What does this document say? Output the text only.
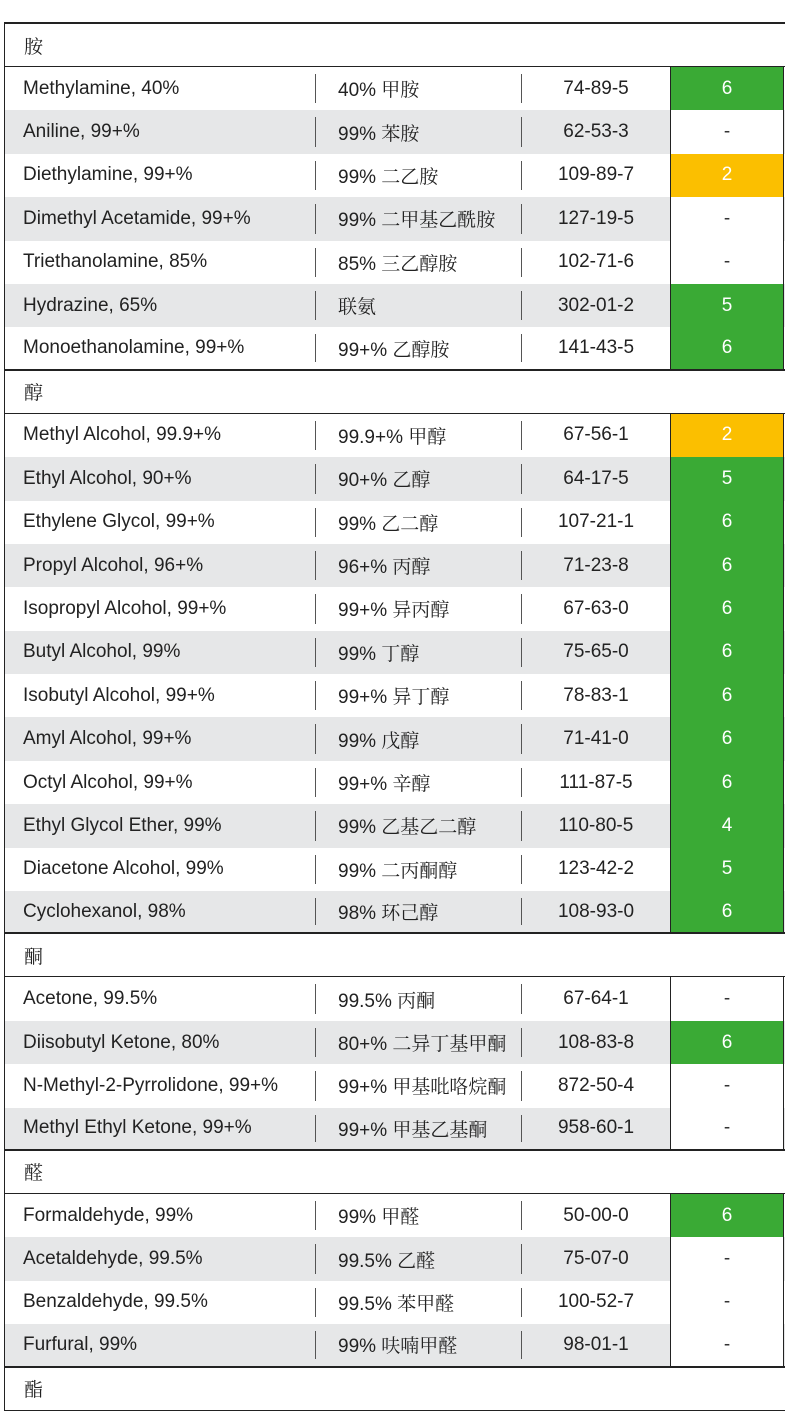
胺
Methylamine, 40%	40% 甲胺	74-89-5	6
Aniline, 99+%	99% 苯胺	62-53-3	-
Diethylamine, 99+%	99% 二乙胺	109-89-7	2
Dimethyl Acetamide, 99+%	99% 二甲基乙酰胺	127-19-5	-
Triethanolamine, 85%	85% 三乙醇胺	102-71-6	-
Hydrazine, 65%	联氨	302-01-2	5
Monoethanolamine, 99+%	99+% 乙醇胺	141-43-5	6
醇
Methyl Alcohol, 99.9+%	99.9+% 甲醇	67-56-1	2
Ethyl Alcohol, 90+%	90+% 乙醇	64-17-5	5
Ethylene Glycol, 99+%	99% 乙二醇	107-21-1	6
Propyl Alcohol, 96+%	96+% 丙醇	71-23-8	6
Isopropyl Alcohol, 99+%	99+% 异丙醇	67-63-0	6
Butyl Alcohol, 99%	99% 丁醇	75-65-0	6
Isobutyl Alcohol, 99+%	99+% 异丁醇	78-83-1	6
Amyl Alcohol, 99+%	99% 戊醇	71-41-0	6
Octyl Alcohol, 99+%	99+% 辛醇	111-87-5	6
Ethyl Glycol Ether, 99%	99% 乙基乙二醇	110-80-5	4
Diacetone Alcohol, 99%	99% 二丙酮醇	123-42-2	5
Cyclohexanol, 98%	98% 环己醇	108-93-0	6
酮
Acetone, 99.5%	99.5% 丙酮	67-64-1	-
Diisobutyl Ketone, 80%	80+% 二异丁基甲酮	108-83-8	6
N-Methyl-2-Pyrrolidone, 99+%	99+% 甲基吡咯烷酮	872-50-4	-
Methyl Ethyl Ketone, 99+%	99+% 甲基乙基酮	958-60-1	-
醛
Formaldehyde, 99%	99% 甲醛	50-00-0	6
Acetaldehyde, 99.5%	99.5% 乙醛	75-07-0	-
Benzaldehyde, 99.5%	99.5% 苯甲醛	100-52-7	-
Furfural, 99%	99% 呋喃甲醛	98-01-1	-
酯
